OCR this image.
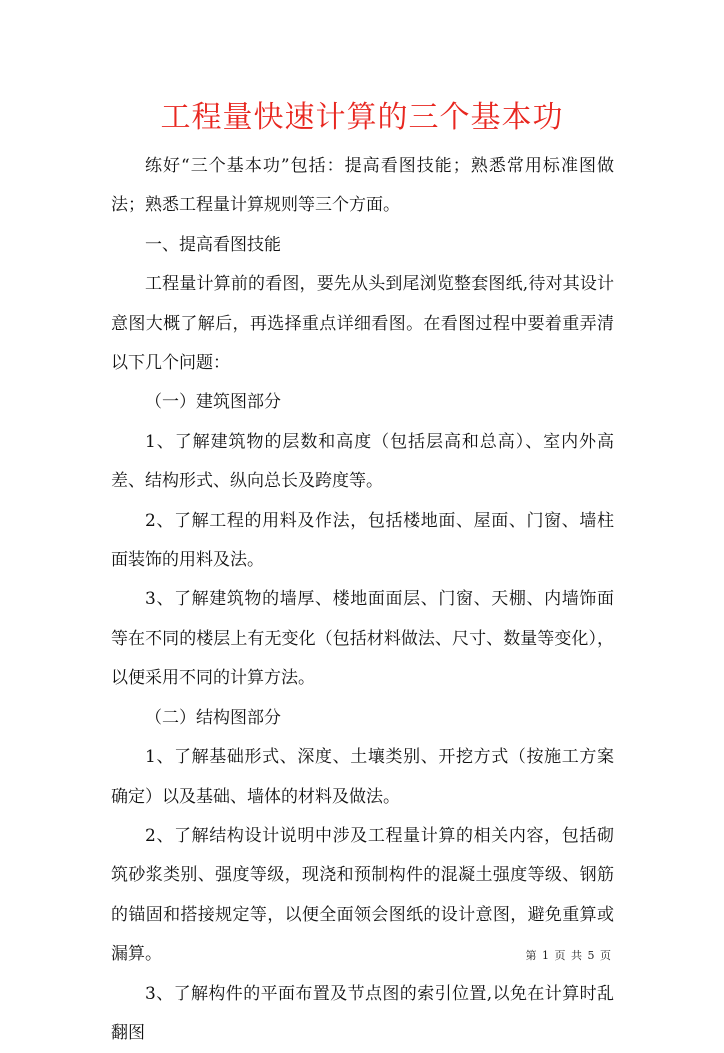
工程量快速计算的三个基本功

练好“三个基本功”包括：提高看图技能；熟悉常用标准图做法；熟悉工程量计算规则等三个方面。

一、提高看图技能

工程量计算前的看图，要先从头到尾浏览整套图纸,待对其设计意图大概了解后，再选择重点详细看图。在看图过程中要着重弄清以下几个问题：

（一）建筑图部分

1、了解建筑物的层数和高度（包括层高和总高）、室内外高差、结构形式、纵向总长及跨度等。

2、了解工程的用料及作法，包括楼地面、屋面、门窗、墙柱面装饰的用料及法。

3、了解建筑物的墙厚、楼地面面层、门窗、天棚、内墙饰面等在不同的楼层上有无变化（包括材料做法、尺寸、数量等变化），以便采用不同的计算方法。

（二）结构图部分

1、了解基础形式、深度、土壤类别、开挖方式（按施工方案确定）以及基础、墙体的材料及做法。

2、了解结构设计说明中涉及工程量计算的相关内容，包括砌筑砂浆类别、强度等级，现浇和预制构件的混凝土强度等级、钢筋的锚固和搭接规定等，以便全面领会图纸的设计意图，避免重算或漏算。

3、了解构件的平面布置及节点图的索引位置,以免在计算时乱翻图

第 1 页 共 5 页
